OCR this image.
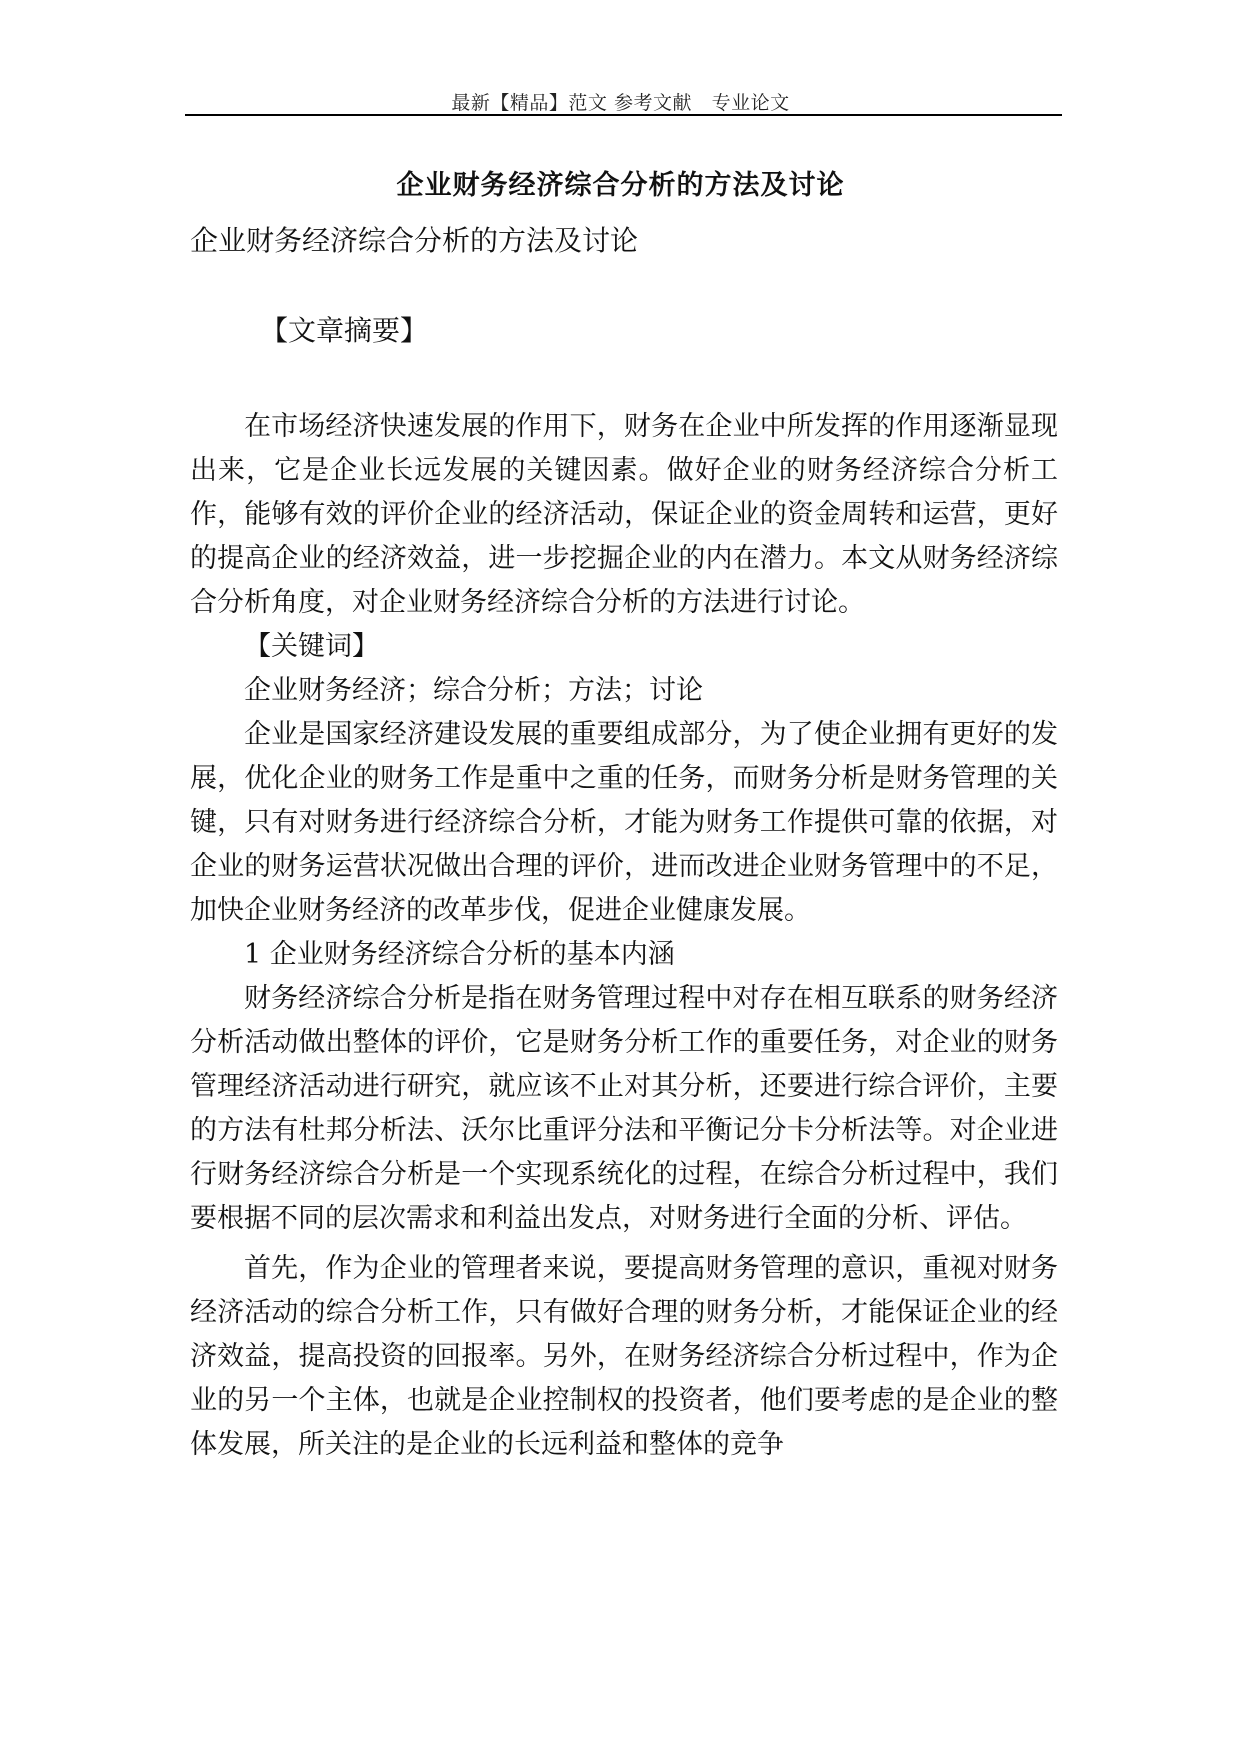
最新【精品】范文 参考文献   专业论文
企业财务经济综合分析的方法及讨论

企业财务经济综合分析的方法及讨论

【文章摘要】

在市场经济快速发展的作用下，财务在企业中所发挥的作用逐渐显现出来，它是企业长远发展的关键因素。做好企业的财务经济综合分析工作，能够有效的评价企业的经济活动，保证企业的资金周转和运营，更好的提高企业的经济效益，进一步挖掘企业的内在潜力。本文从财务经济综合分析角度，对企业财务经济综合分析的方法进行讨论。

【关键词】

企业财务经济；综合分析；方法；讨论

企业是国家经济建设发展的重要组成部分，为了使企业拥有更好的发展，优化企业的财务工作是重中之重的任务，而财务分析是财务管理的关键，只有对财务进行经济综合分析，才能为财务工作提供可靠的依据，对企业的财务运营状况做出合理的评价，进而改进企业财务管理中的不足，加快企业财务经济的改革步伐，促进企业健康发展。

1 企业财务经济综合分析的基本内涵

财务经济综合分析是指在财务管理过程中对存在相互联系的财务经济分析活动做出整体的评价，它是财务分析工作的重要任务，对企业的财务管理经济活动进行研究，就应该不止对其分析，还要进行综合评价，主要的方法有杜邦分析法、沃尔比重评分法和平衡记分卡分析法等。对企业进行财务经济综合分析是一个实现系统化的过程，在综合分析过程中，我们要根据不同的层次需求和利益出发点，对财务进行全面的分析、评估。

首先，作为企业的管理者来说，要提高财务管理的意识，重视对财务经济活动的综合分析工作，只有做好合理的财务分析，才能保证企业的经济效益，提高投资的回报率。另外，在财务经济综合分析过程中，作为企业的另一个主体，也就是企业控制权的投资者，他们要考虑的是企业的整体发展，所关注的是企业的长远利益和整体的竞争
